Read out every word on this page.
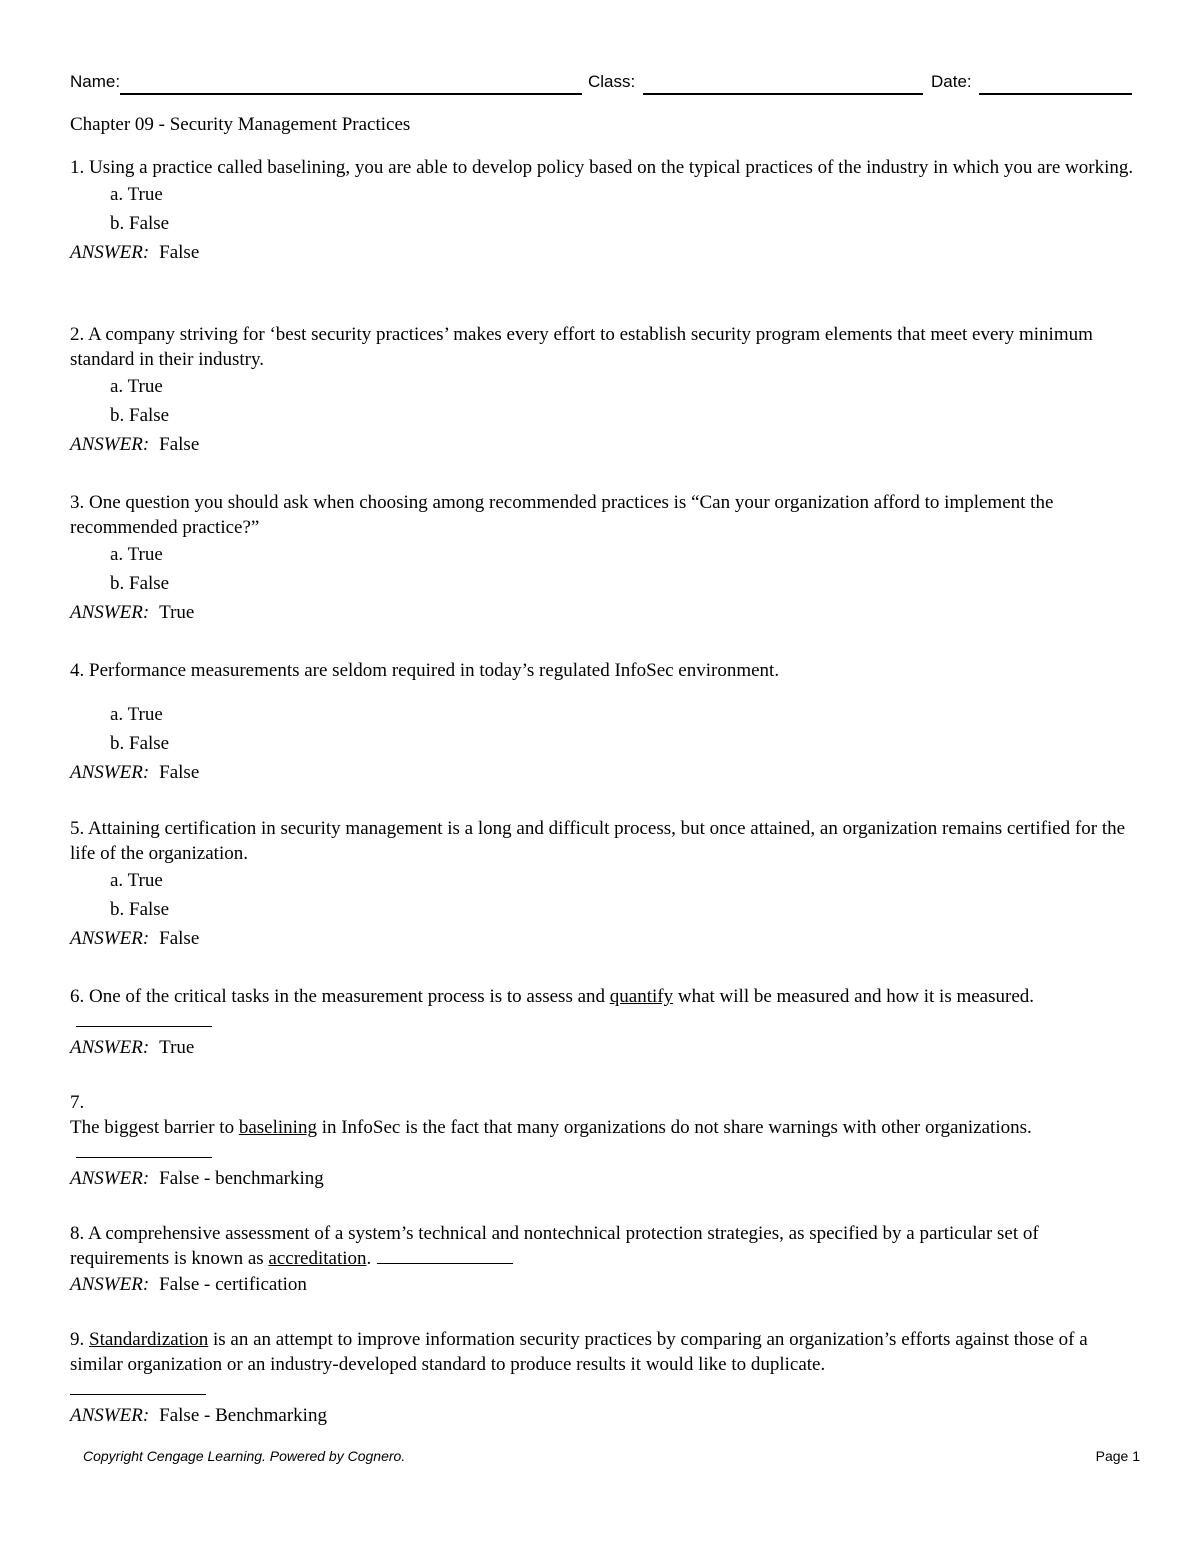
Name:	Class:	Date:
Chapter 09 - Security Management Practices
1. Using a practice called baselining, you are able to develop policy based on the typical practices of the industry in which you are working.
a. True
b. False
ANSWER: False
2. A company striving for ‘best security practices’ makes every effort to establish security program elements that meet every minimum standard in their industry.
a. True
b. False
ANSWER: False
3. One question you should ask when choosing among recommended practices is “Can your organization afford to implement the recommended practice?”
a. True
b. False
ANSWER: True
4. Performance measurements are seldom required in today’s regulated InfoSec environment.
a. True
b. False
ANSWER: False
5. Attaining certification in security management is a long and difficult process, but once attained, an organization remains certified for the life of the organization.
a. True
b. False
ANSWER: False
6. One of the critical tasks in the measurement process is to assess and quantify what will be measured and how it is measured.
ANSWER: True
7.
The biggest barrier to baselining in InfoSec is the fact that many organizations do not share warnings with other organizations.
ANSWER: False - benchmarking
8. A comprehensive assessment of a system’s technical and nontechnical protection strategies, as specified by a particular set of requirements is known as accreditation.
ANSWER: False - certification
9. Standardization is an an attempt to improve information security practices by comparing an organization’s efforts against those of a similar organization or an industry-developed standard to produce results it would like to duplicate.
ANSWER: False - Benchmarking
Copyright Cengage Learning. Powered by Cognero.	Page 1
